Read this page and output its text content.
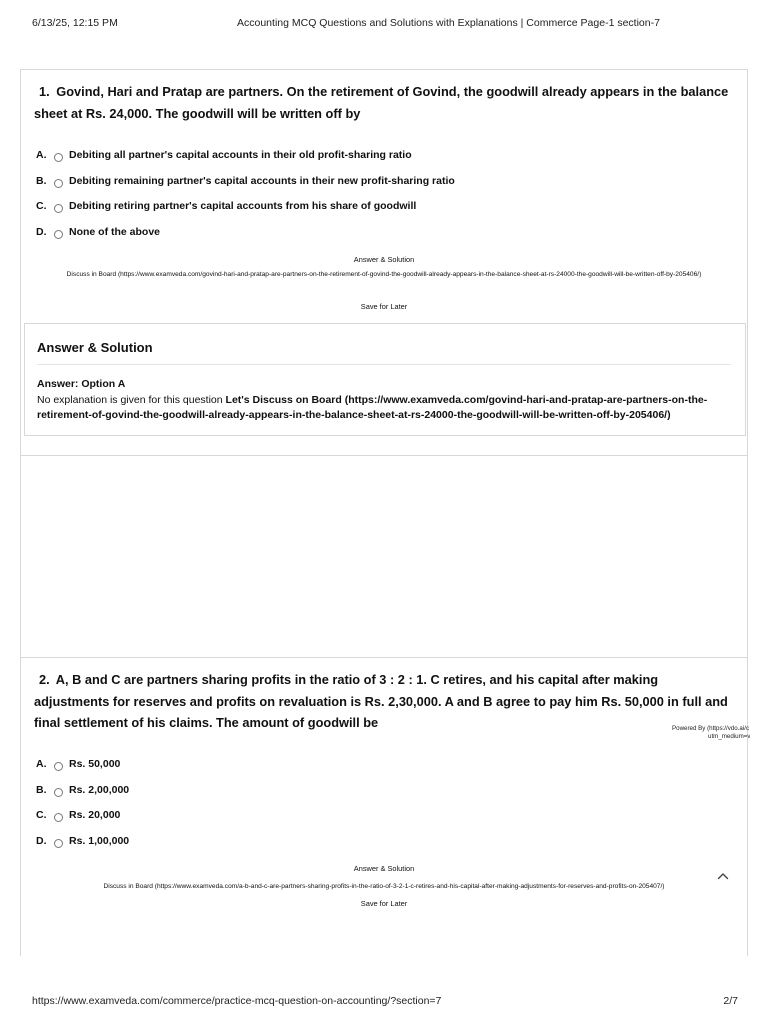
6/13/25, 12:15 PM	Accounting MCQ Questions and Solutions with Explanations | Commerce Page-1 section-7
1. Govind, Hari and Pratap are partners. On the retirement of Govind, the goodwill already appears in the balance sheet at Rs. 24,000. The goodwill will be written off by
A.	Debiting all partner's capital accounts in their old profit-sharing ratio
B.	Debiting remaining partner's capital accounts in their new profit-sharing ratio
C.	Debiting retiring partner's capital accounts from his share of goodwill
D.	None of the above
Answer & Solution
Discuss in Board (https://www.examveda.com/govind-hari-and-pratap-are-partners-on-the-retirement-of-govind-the-goodwill-already-appears-in-the-balance-sheet-at-rs-24000-the-goodwill-will-be-written-off-by-205406/)
Save for Later
Answer & Solution
Answer: Option A
No explanation is given for this question Let's Discuss on Board (https://www.examveda.com/govind-hari-and-pratap-are-partners-on-the-retirement-of-govind-the-goodwill-already-appears-in-the-balance-sheet-at-rs-24000-the-goodwill-will-be-written-off-by-205406/)
2. A, B and C are partners sharing profits in the ratio of 3 : 2 : 1. C retires, and his capital after making adjustments for reserves and profits on revaluation is Rs. 2,30,000. A and B agree to pay him Rs. 50,000 in full and final settlement of his claims. The amount of goodwill be	Powered By (https://vdo.ai/c
utm_medium=v
A.	Rs. 50,000
B.	Rs. 2,00,000
C.	Rs. 20,000
D.	Rs. 1,00,000
Answer & Solution
Discuss in Board (https://www.examveda.com/a-b-and-c-are-partners-sharing-profits-in-the-ratio-of-3-2-1-c-retires-and-his-capital-after-making-adjustments-for-reserves-and-profits-on-205407/)
Save for Later
https://www.examveda.com/commerce/practice-mcq-question-on-accounting/?section=7	2/7
